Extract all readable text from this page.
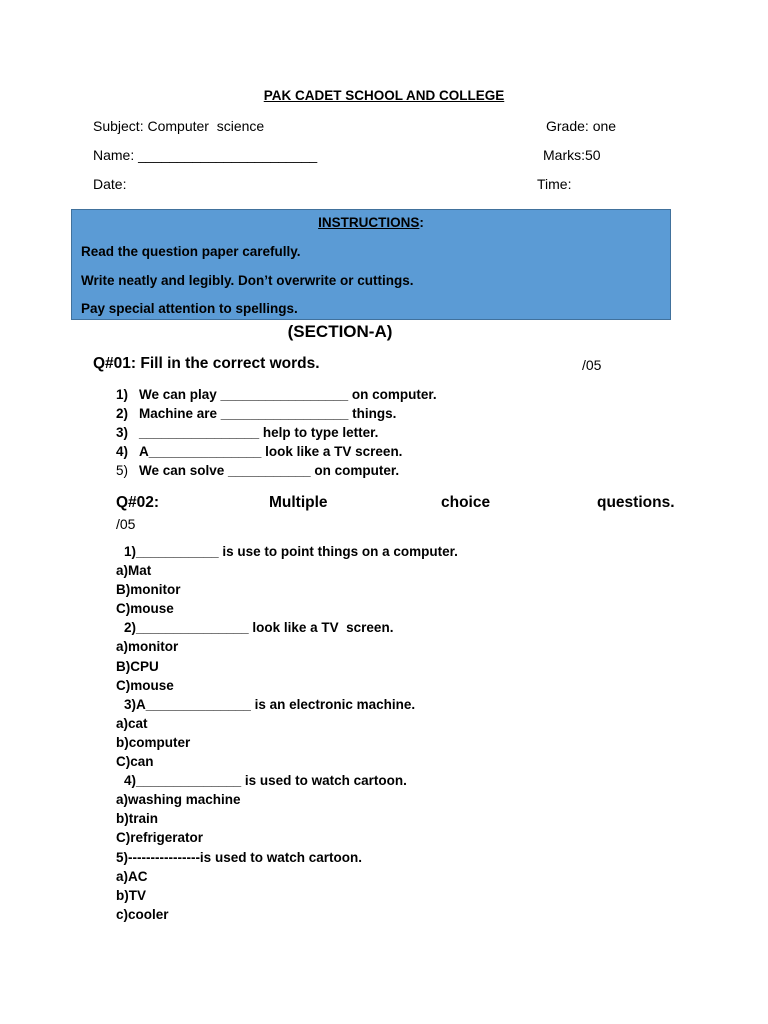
PAK CADET SCHOOL AND COLLEGE
Subject: Computer  science	Grade: one
Name: _______________________	Marks:50
Date:	Time:
INSTRUCTIONS:
Read the question paper carefully.
Write neatly and legibly. Don’t overwrite or cuttings.
Pay special attention to spellings.
(SECTION-A)
Q#01: Fill in the correct words.	/05
1) We can play _________________ on computer.
2) Machine are _________________ things.
3) ________________ help to type letter.
4) A_______________ look like a TV screen.
5) We can solve ___________ on computer.
Q#02:	Multiple	choice	questions.
/05
1)___________ is use to point things on a computer.
a)Mat
B)monitor
C)mouse
2)_______________ look like a TV  screen.
a)monitor
B)CPU
C)mouse
3)A______________ is an electronic machine.
a)cat
b)computer
C)can
4)______________ is used to watch cartoon.
a)washing machine
b)train
C)refrigerator
5)----------------is used to watch cartoon.
a)AC
b)TV
c)cooler
